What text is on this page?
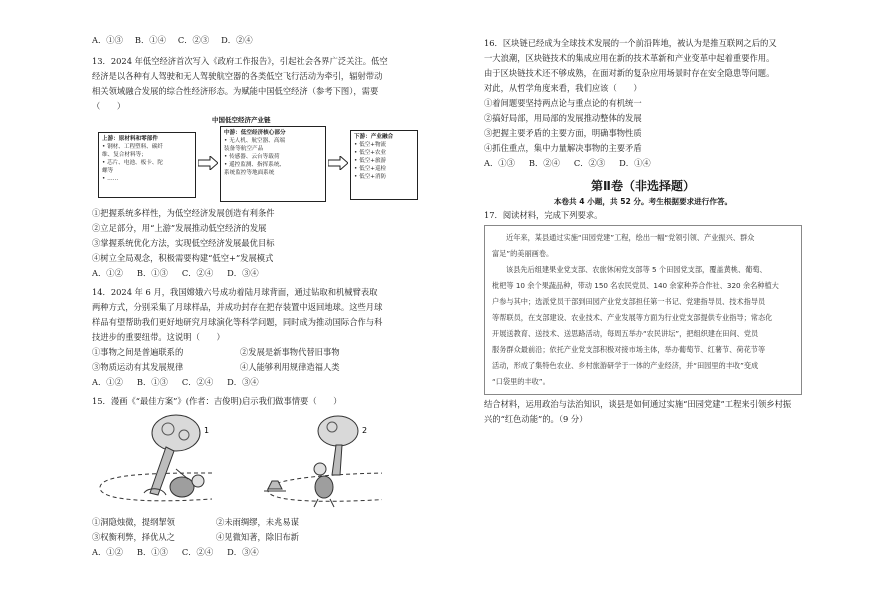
A．①③ B．①④ C．②③ D．②④
13．2024 年低空经济首次写入《政府工作报告》，引起社会各界广泛关注。低空
经济是以各种有人驾驶和无人驾驶航空器的各类低空飞行活动为牵引，辐射带动
相关领域融合发展的综合性经济形态。为赋能中国低空经济（参考下图），需要
（　　）
中国低空经济产业链
上游：原材料和零部件
• 钢材、工程塑料、碳纤
维、复合材料等；
• 芯片、电池、板卡、陀
螺等
• ……
中游：低空经济核心部分
• 无人机、航空器、高端
装备等航空产品
• 传感器、云台等载荷
• 遥控监测、指挥系统、
系统监控等地面系统
下游：产业融合
• 低空+物流
• 低空+农业
• 低空+旅游
• 低空+巡检
• 低空+消防
①把握系统多样性，为低空经济发展创造有利条件
②立足部分，用“上游”发展推动低空经济的发展
③掌握系统优化方法，实现低空经济发展最优目标
④树立全局观念，积极需要构建“低空+”发展模式
A．①② B．①③ C．②④ D．③④
14．2024 年 6 月，我国嫦娥六号成功着陆月球背面，通过钻取和机械臂表取
两种方式，分别采集了月球样品，并成功封存在把存装置中返回地球。这些月球
样品有望帮助我们更好地研究月球演化等科学问题，同时成为推动国际合作与科
技进步的重要纽带。这说明（　　）
①事物之间是普遍联系的	②发展是新事物代替旧事物
③物质运动有其发展规律	④人能够利用规律造福人类
A．①② B．①③ C．②④ D．③④
15．漫画《“最佳方案”》(作者：吉俊明)启示我们做事情要（　　）
1	2
①洞隐烛微，提纲挈领	②未雨绸缪，未兆易谋
③权衡利弊，择优从之	④见微知著，除旧布新
A．①② B．①③ C．②④ D．③④
16．区块链已经成为全球技术发展的一个前沿阵地，被认为是推互联网之后的又
一大浪潮，区块链技术的集成应用在新的技术革新和产业变革中起着重要作用。
由于区块链技术还不够成熟，在面对新的复杂应用场景时存在安全隐患等问题。
对此，从哲学角度来看，我们应该（　　）
①着间题要坚持两点论与重点论的有机统一
②搞好局部，用局部的发展推动整体的发展
③把握主要矛盾的主要方面，明确事物性质
④抓住重点，集中力量解决事物的主要矛盾
A．①③ B．②④ C．②③ D．①④
第Ⅱ卷（非选择题）
本卷共 4 小题，共 52 分。考生根据要求进行作答。
17．阅读材料，完成下列要求。
近年来，某县通过实施“田园党建”工程，绘出一幅“党领引领、产业振兴、群众
富足”的美丽画卷。
该县先后组建果业党支部、农旅休闲党支部等 5 个田园党支部，覆盖黄桃、葡萄、
枇杷等 10 余个果蔬品种，带动 150 名农民党员、140 余家种养合作社、320 余名种植大
户参与其中；选派党员干部到田园产业党支部担任第一书记、党建指导员、技术指导员
等帮联员，在支部建设、农业技术、产业发展等方面为行业党支部提供专业指导；常态化
开展送教育、送技术、送思路活动，每周五举办“农民讲坛”，把组织建在田间、党员
服务群众最前沿；依托产业党支部积极对接市场主体，举办葡萄节、红薯节、荷花节等
活动，形成了集特色农业、乡村旅游研学于一体的产业经济，并“田园里的丰收”变成
“口袋里的丰收”。
结合材料，运用政治与法治知识，谈县是如何通过实施“田园党建”工程来引领乡村振
兴的“红色动能”的。（9 分）
